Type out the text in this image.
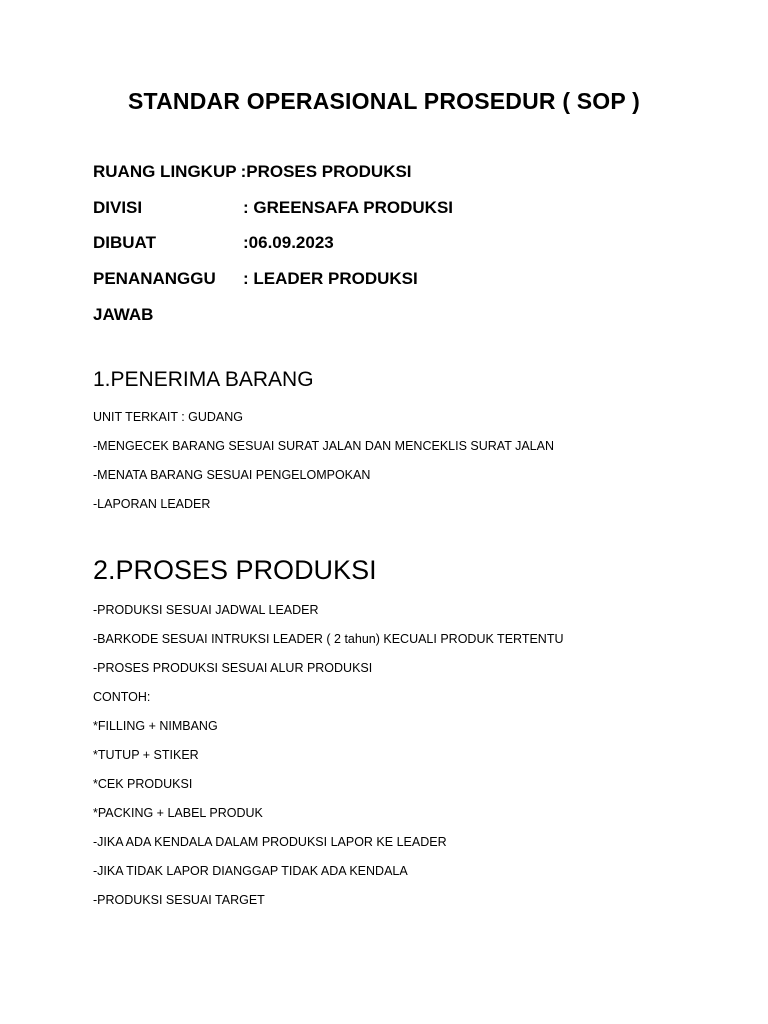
STANDAR OPERASIONAL PROSEDUR ( SOP )
RUANG LINGKUP :PROSES PRODUKSI
DIVISI	: GREENSAFA PRODUKSI
DIBUAT	:06.09.2023
PENANANGGU : LEADER PRODUKSI
JAWAB
1.PENERIMA BARANG
UNIT TERKAIT : GUDANG
-MENGECEK BARANG SESUAI SURAT JALAN DAN MENCEKLIS SURAT JALAN
-MENATA BARANG SESUAI PENGELOMPOKAN
-LAPORAN LEADER
2.PROSES PRODUKSI
-PRODUKSI SESUAI JADWAL LEADER
-BARKODE SESUAI INTRUKSI LEADER ( 2 tahun) KECUALI PRODUK TERTENTU
-PROSES PRODUKSI SESUAI ALUR PRODUKSI
CONTOH:
*FILLING + NIMBANG
*TUTUP + STIKER
*CEK PRODUKSI
*PACKING + LABEL PRODUK
-JIKA ADA KENDALA DALAM PRODUKSI LAPOR KE LEADER
-JIKA TIDAK LAPOR DIANGGAP TIDAK ADA KENDALA
-PRODUKSI SESUAI TARGET
